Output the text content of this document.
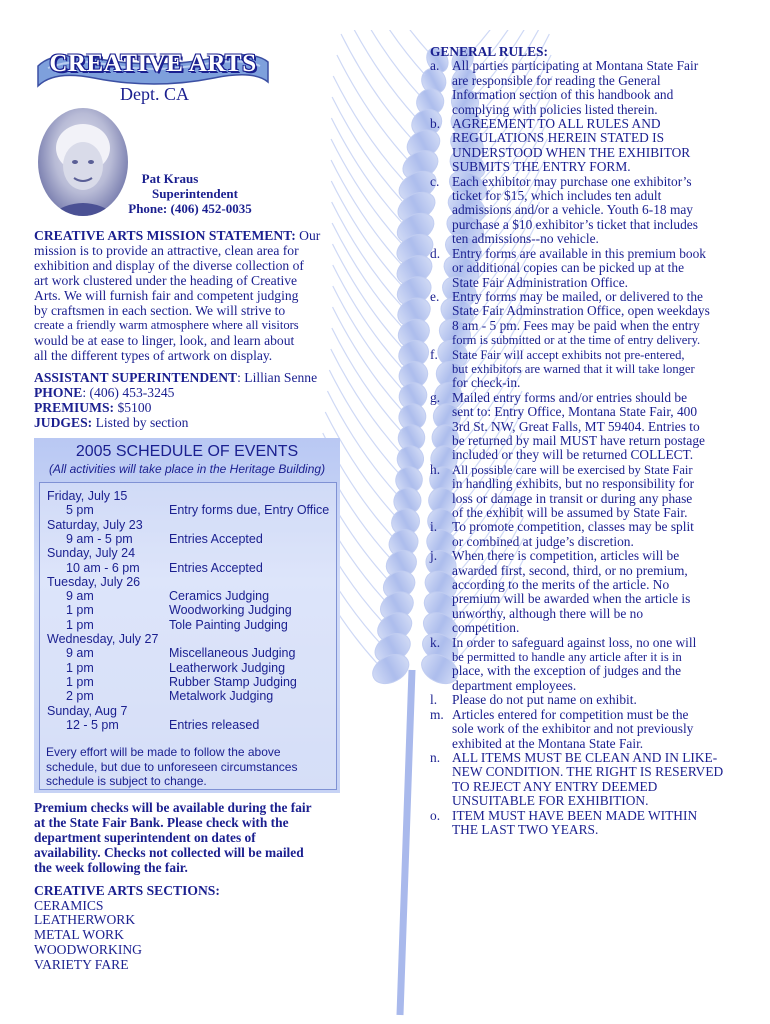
CREATIVE ARTS
Dept. CA
Pat Kraus
Superintendent
Phone: (406) 452-0035
CREATIVE ARTS MISSION STATEMENT: Our
mission is to provide an attractive, clean area for
exhibition and display of the diverse collection of
art work clustered under the heading of Creative
Arts. We will furnish fair and competent judging
by craftsmen in each section. We will strive to
create a friendly warm atmosphere where all visitors
would be at ease to linger, look, and learn about
all the different types of artwork on display.
ASSISTANT SUPERINTENDENT: Lillian Senne
PHONE: (406) 453-3245
PREMIUMS: $5100
JUDGES: Listed by section
2005 SCHEDULE OF EVENTS
(All activities will take place in the Heritage Building)
Friday, July 15
5 pm	Entry forms due, Entry Office
Saturday, July 23
9 am - 5 pm	Entries Accepted
Sunday, July 24
10 am - 6 pm Entries Accepted
Tuesday, July 26
9 am	Ceramics Judging
1 pm	Woodworking Judging
1 pm	Tole Painting Judging
Wednesday, July 27
9 am	Miscellaneous Judging
1 pm	Leatherwork Judging
1 pm	Rubber Stamp Judging
2 pm	Metalwork Judging
Sunday, Aug 7
12 - 5 pm	Entries released
Every effort will be made to follow the above
schedule, but due to unforeseen circumstances
schedule is subject to change.
Premium checks will be available during the fair
at the State Fair Bank. Please check with the
department superintendent on dates of
availability. Checks not collected will be mailed
the week following the fair.
CREATIVE ARTS SECTIONS:
CERAMICS
LEATHERWORK
METAL WORK
WOODWORKING
VARIETY FARE
GENERAL RULES:
a. All parties participating at Montana State Fair
are responsible for reading the General
Information section of this handbook and
complying with policies listed therein.
b. AGREEMENT TO ALL RULES AND
REGULATIONS HEREIN STATED IS
UNDERSTOOD WHEN THE EXHIBITOR
SUBMITS THE ENTRY FORM.
c. Each exhibitor may purchase one exhibitor’s
ticket for $15, which includes ten adult
admissions and/or a vehicle. Youth 6-18 may
purchase a $10 exhibitor’s ticket that includes
ten admissions--no vehicle.
d. Entry forms are available in this premium book
or additional copies can be picked up at the
State Fair Administration Office.
e. Entry forms may be mailed, or delivered to the
State Fair Adminstration Office, open weekdays
8 am - 5 pm. Fees may be paid when the entry
form is submitted or at the time of entry delivery.
f. State Fair will accept exhibits not pre-entered,
but exhibitors are warned that it will take longer
for check-in.
g. Mailed entry forms and/or entries should be
sent to: Entry Office, Montana State Fair, 400
3rd St. NW, Great Falls, MT 59404. Entries to
be returned by mail MUST have return postage
included or they will be returned COLLECT.
h. All possible care will be exercised by State Fair
in handling exhibits, but no responsibility for
loss or damage in transit or during any phase
of the exhibit will be assumed by State Fair.
i. To promote competition, classes may be split
or combined at judge’s discretion.
j. When there is competition, articles will be
awarded first, second, third, or no premium,
according to the merits of the article. No
premium will be awarded when the article is
unworthy, although there will be no
competition.
k. In order to safeguard against loss, no one will
be permitted to handle any article after it is in
place, with the exception of judges and the
department employees.
l. Please do not put name on exhibit.
m. Articles entered for competition must be the
sole work of the exhibitor and not previously
exhibited at the Montana State Fair.
n. ALL ITEMS MUST BE CLEAN AND IN LIKE-
NEW CONDITION. THE RIGHT IS RESERVED
TO REJECT ANY ENTRY DEEMED
UNSUITABLE FOR EXHIBITION.
o. ITEM MUST HAVE BEEN MADE WITHIN
THE LAST TWO YEARS.
